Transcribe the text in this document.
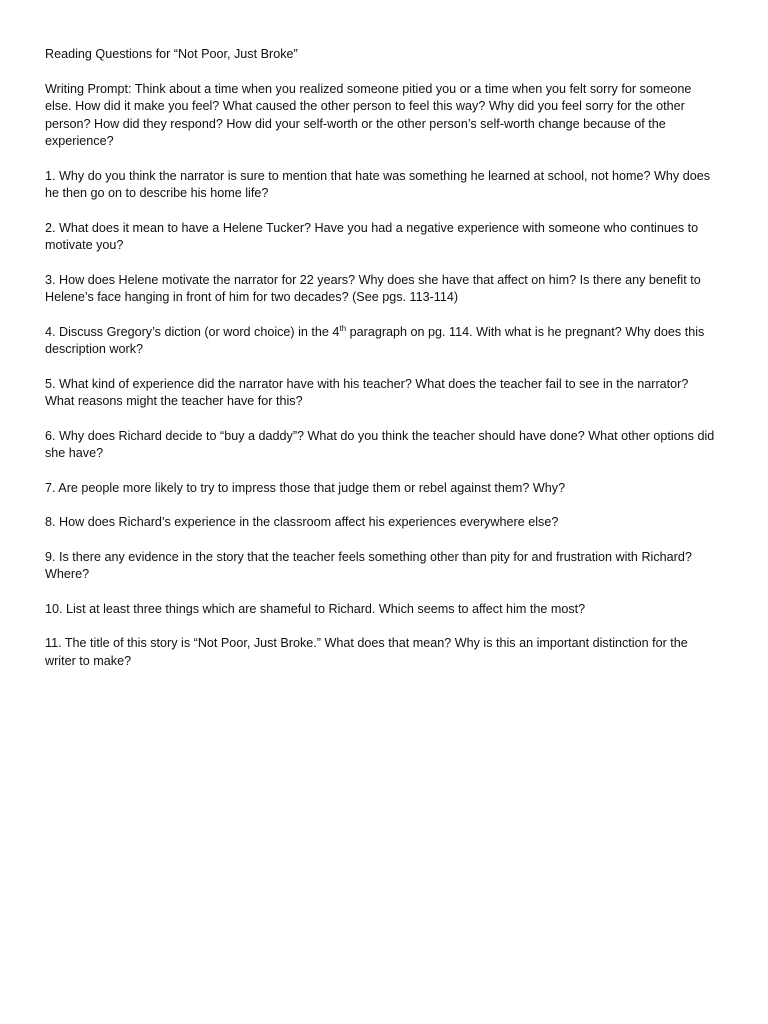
Reading Questions for “Not Poor, Just Broke”

Writing Prompt: Think about a time when you realized someone pitied you or a time when you felt sorry for someone else. How did it make you feel? What caused the other person to feel this way? Why did you feel sorry for the other person? How did they respond? How did your self-worth or the other person’s self-worth change because of the experience?

1. Why do you think the narrator is sure to mention that hate was something he learned at school, not home? Why does he then go on to describe his home life?

2. What does it mean to have a Helene Tucker? Have you had a negative experience with someone who continues to motivate you?

3. How does Helene motivate the narrator for 22 years? Why does she have that affect on him? Is there any benefit to Helene’s face hanging in front of him for two decades? (See pgs. 113-114)

4. Discuss Gregory’s diction (or word choice) in the 4th paragraph on pg. 114. With what is he pregnant? Why does this description work?

5. What kind of experience did the narrator have with his teacher? What does the teacher fail to see in the narrator? What reasons might the teacher have for this?

6. Why does Richard decide to “buy a daddy”? What do you think the teacher should have done? What other options did she have?

7. Are people more likely to try to impress those that judge them or rebel against them? Why?

8. How does Richard’s experience in the classroom affect his experiences everywhere else?

9. Is there any evidence in the story that the teacher feels something other than pity for and frustration with Richard? Where?

10. List at least three things which are shameful to Richard. Which seems to affect him the most?

11. The title of this story is “Not Poor, Just Broke.” What does that mean? Why is this an important distinction for the writer to make?
